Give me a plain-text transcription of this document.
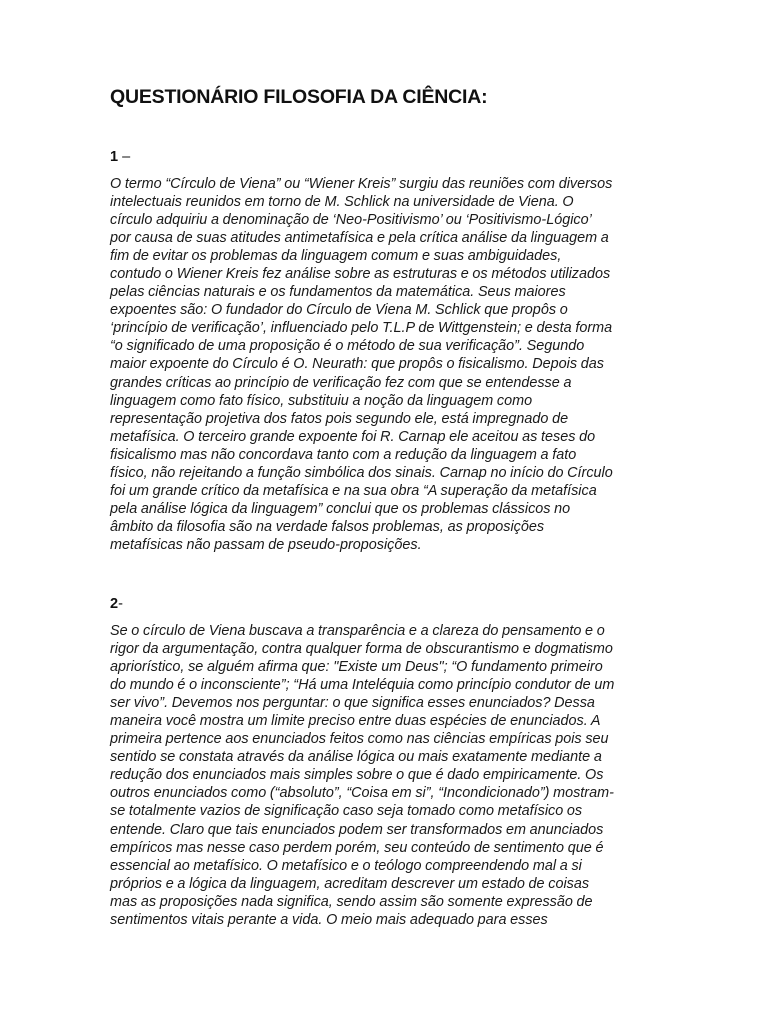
QUESTIONÁRIO FILOSOFIA DA CIÊNCIA:

1 –

O termo “Círculo de Viena” ou “Wiener Kreis” surgiu das reuniões com diversos
intelectuais reunidos em torno de M. Schlick na universidade de Viena. O
círculo adquiriu a denominação de ‘Neo-Positivismo’ ou ‘Positivismo-Lógico’
por causa de suas atitudes antimetafísica e pela crítica análise da linguagem a
fim de evitar os problemas da linguagem comum e suas ambiguidades,
contudo o Wiener Kreis fez análise sobre as estruturas e os métodos utilizados
pelas ciências naturais e os fundamentos da matemática. Seus maiores
expoentes são: O fundador do Círculo de Viena M. Schlick que propôs o
‘princípio de verificação’, influenciado pelo T.L.P de Wittgenstein; e desta forma
“o significado de uma proposição é o método de sua verificação”. Segundo
maior expoente do Círculo é O. Neurath: que propôs o fisicalismo. Depois das
grandes críticas ao princípio de verificação fez com que se entendesse a
linguagem como fato físico, substituiu a noção da linguagem como
representação projetiva dos fatos pois segundo ele, está impregnado de
metafísica. O terceiro grande expoente foi R. Carnap ele aceitou as teses do
fisicalismo mas não concordava tanto com a redução da linguagem a fato
físico, não rejeitando a função simbólica dos sinais. Carnap no início do Círculo
foi um grande crítico da metafísica e na sua obra “A superação da metafísica
pela análise lógica da linguagem” conclui que os problemas clássicos no
âmbito da filosofia são na verdade falsos problemas, as proposições
metafísicas não passam de pseudo-proposições.

2-

Se o círculo de Viena buscava a transparência e a clareza do pensamento e o
rigor da argumentação, contra qualquer forma de obscurantismo e dogmatismo
apriorístico, se alguém afirma que: "Existe um Deus"; “O fundamento primeiro
do mundo é o inconsciente”; “Há uma Inteléquia como princípio condutor de um
ser vivo”. Devemos nos perguntar: o que significa esses enunciados? Dessa
maneira você mostra um limite preciso entre duas espécies de enunciados. A
primeira pertence aos enunciados feitos como nas ciências empíricas pois seu
sentido se constata através da análise lógica ou mais exatamente mediante a
redução dos enunciados mais simples sobre o que é dado empiricamente. Os
outros enunciados como (“absoluto”, “Coisa em si”, “Incondicionado”) mostram-
se totalmente vazios de significação caso seja tomado como metafísico os
entende. Claro que tais enunciados podem ser transformados em anunciados
empíricos mas nesse caso perdem porém, seu conteúdo de sentimento que é
essencial ao metafísico. O metafísico e o teólogo compreendendo mal a si
próprios e a lógica da linguagem, acreditam descrever um estado de coisas
mas as proposições nada significa, sendo assim são somente expressão de
sentimentos vitais perante a vida. O meio mais adequado para esses
